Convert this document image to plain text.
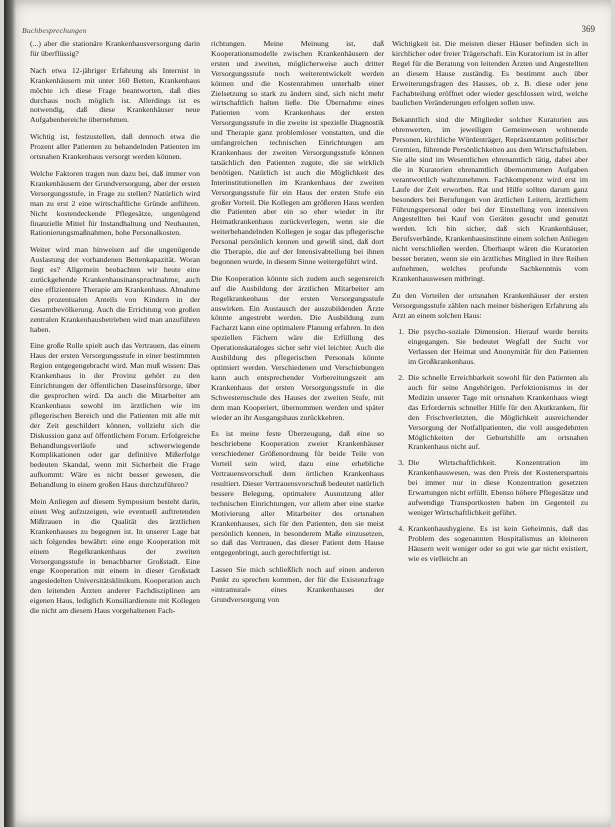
Buchbesprechungen	369

(...) aber die stationäre Krankenhausversorgung darin für überflüssig?

Nach etwa 12-jähriger Erfahrung als Internist in Krankenhäusern mit unter 160 Betten, Krankenhaus möchte ich diese Frage beantworten, daß dies durchaus noch möglich ist. Allerdings ist es notwendig, daß diese Krankenhäuser neue Aufgabenbereiche übernehmen.

Wichtig ist, festzustellen, daß dennoch etwa die Prozent aller Patienten zu behandelnden Patienten im ortsnahen Krankenhaus versorgt werden können.

Welche Faktoren tragen nun dazu bei, daß immer von Krankenhäusern der Grundversorgung, aber der ersten Versorgungsstufe, in Frage zu stellen? Natürlich wird man zu erst 2 eine wirtschaftliche Gründe anführen. Nicht kostendeckende Pflegesätze, ungenügend finanzielle Mittel für Instandhaltung und Neubauten, Rationierungsmaßnahmen, hohe Personalkosten.

Weiter wird man hinweisen auf die ungenügende Auslastung der vorhandenen Bettenkapazität. Woran liegt es? Allgemein beobachten wir heute eine zurückgehende Krankenhausinanspruchnahme, auch eine effizientere Therapie am Krankenhaus. Abnahme des prozentualen Anteils von Kindern in der Gesamtbevölkerung. Auch die Errichtung von großen zentralen Krankenhausbetrieben wird man anzuführen haben.

Eine große Rolle spielt auch das Vertrauen, das einem Haus der ersten Versorgungsstufe in einer bestimmten Region entgegengebracht wird. Man muß wissen: Das Krankenhaus in der Provinz gehört zu den Einrichtungen der öffentlichen Daseinsfürsorge, über die gesprochen wird. Da auch die Mitarbeiter am Krankenhaus sowohl im ärztlichen wie im pflegerischen Bereich und die Patienten mit alle mit der Zeit geschildert können, vollzieht sich die Diskussion ganz auf öffentlichem Forum. Erfolgreiche Behandlungsverläufe und schwerwiegende Komplikationen oder gar definitive Mißerfolge bedeuten Skandal, wenn mit Sicherheit die Frage aufkommt: Wäre es nicht besser gewesen, die Behandlung in einem großen Haus durchzuführen?

Mein Anliegen auf diesem Symposium besteht darin, einen Weg aufzuzeigen, wie eventuell auftretenden Mißtrauen in die Qualität des ärztlichen Krankenhauses zu begegnen ist. In unserer Lage hat sich folgendes bewährt: eine enge Kooperation mit einem Regelkrankenhaus der zweiten Versorgungsstufe in benachbarter Großstadt. Eine enge Kooperation mit einem in dieser Großstadt angesiedelten Universitätsklinikum. Kooperation auch den leitenden Ärzten anderer Fachdisziplinen am eigenen Haus, lediglich Konsiliardienste mit Kollegen die nicht am diesem Haus vorgehaltenen Fach-

richtungen. Meine Meinung ist, daß Kooperationsmodelle zwischen Krankenhäusern der ersten und zweiten, möglicherweise auch dritter Versorgungsstufe noch weiterentwickelt werden können und die Kostenrahmen unterhalb einer Zielsetzung so stark zu ändern sind, sich nicht mehr wirtschaftlich halten ließe. Die Übernahme eines Patienten vom Krankenhaus der ersten Versorgungsstufe in die zweite ist spezielle Diagnostik und Therapie ganz problemloser vonstatten, und die umfangreichen technischen Einrichtungen am Krankenhaus der zweiten Versorgungsstufe können tatsächlich den Patienten zugute, die sie wirklich benötigen. Natürlich ist auch die Möglichkeit des Interinstitutionellen im Krankenhaus der zweiten Versorgungsstufe für ein Haus der ersten Stufe ein großer Vorteil. Die Kollegen am größeren Haus werden die Patienten aber ein so eher wieder in ihr Heimatkrankenhaus zurückverlegen, wenn sie die weiterbehandelnden Kollegen je sogar das pflegerische Personal persönlich kennen und gewiß sind, daß dort die Therapie, die auf der Intensivabteilung bei ihnen begonnen wurde, in diesem Sinne weitergeführt wird.

Die Kooperation könnte sich zudem auch segensreich auf die Ausbildung der ärztlichen Mitarbeiter am Regelkrankenhaus der ersten Versorgungsstufe auswirken. Ein Austausch der auszubildenden Ärzte könnte angestrebt werden. Die Ausbildung zum Facharzt kann eine optimalere Planung erfahren. In den speziellen Fächern wäre die Erfüllung des Operationskataloges sicher sehr viel leichter. Auch die Ausbildung des pflegerischen Personals könnte optimiert werden. Verschiedenen und Verschiebungen kann auch entsprechender Vorbereitungszeit am Krankenhaus der ersten Versorgungsstufe in die Schwesternschule des Hauses der zweiten Stufe, mit dem man Kooperiert, übernommen werden und später wieder an ihr Ausgangshaus zurückkehren.

Es ist meine feste Überzeugung, daß eine so beschriebene Kooperation zweier Krankenhäuser verschiedener Größenordnung für beide Teile von Vorteil sein wird, dazu eine erhebliche Vertrauensvorschuß dem örtlichen Krankenhaus resultiert. Dieser Vertrauensvorschuß bedeutet natürlich bessere Belegung, optimalere Ausnutzung aller technischen Einrichtungen, vor allem aber eine starke Motivierung aller Mitarbeiter des ortsnahen Krankenhauses, sich für den Patienten, den sie meist persönlich kennen, in besonderem Maße einzusetzen, so daß das Vertrauen, das dieser Patient dem Hause entgegenbringt, auch gerechtfertigt ist.

Lassen Sie mich schließlich noch auf einen anderen Punkt zu sprechen kommen, der für die Existenzfrage »intramural« eines Krankenhauses der Grundversorgung von

Wichtigkeit ist. Die meisten dieser Häuser befinden sich in kirchlicher oder freier Trägerschaft. Ein Kuratorium ist in aller Regel für die Beratung von leitenden Ärzten und Angestellten an diesem Hause zuständig. Es bestimmt auch über Erweiterungsfragen des Hauses, ob z. B. diese oder jene Fachabteilung eröffnet oder wieder geschlossen wird, welche baulichen Veränderungen erfolgen sollen usw.

Bekanntlich sind die Mitglieder solcher Kuratorien aus ehrenwerten, im jeweiligen Gemeinwesen wohnende Personen, kirchliche Würdenträger, Repräsentanten politischer Gremien, führende Persönlichkeiten aus dem Wirtschaftsleben. Sie alle sind im Wesentlichen ehrenamtlich tätig, dabei aber die in Kuratorien ehrenamtlich übernommenen Aufgaben verantwortlich wahrzunehmen. Fachkompetenz wird erst im Laufe der Zeit erworben. Rat und Hilfe sollten darum ganz besonders bei Berufungen von ärztlichen Leitern, ärztlichem Führungspersonal oder bei der Einstellung von intensiven Angestellten bei Kauf von Geräten gesucht und genutzt werden. Ich bin sicher, daß sich Krankenhäuser, Berufsverbände, Krankenhausinstitute einem solchen Anliegen nicht verschließen werden. Überhaupt wären die Kuratorien besser beraten, wenn sie ein ärztliches Mitglied in ihre Reihen aufnehmen, welches profunde Sachkenntnis vom Krankenhauswesen mitbringt.

Zu den Vorteilen der ortsnahen Krankenhäuser der ersten Versorgungsstufe zählen nach meiner bisherigen Erfahrung als Arzt an einem solchen Haus:

1. Die psycho-soziale Dimension. Hierauf wurde bereits eingegangen. Sie bedeutet Wegfall der Sucht vor Verlassen der Heimat und Anonymität für den Patienten im Großkrankenhaus.
2. Die schnelle Erreichbarkeit sowohl für den Patienten als auch für seine Angehörigen. Perfektionismus in der Medizin unserer Tage mit ortsnahen Krankenhaus wiegt das Erfordernis schneller Hilfe für den Akutkranken, für den Frischverletzten, die Möglichkeit ausreichender Versorgung der Notfallpatienten, die voll ausgedehnten Möglichkeiten der Geburtshilfe am ortsnahen Krankenhaus nicht auf.
3. Die Wirtschaftlichkeit. Konzentration im Krankenhauswesen, was den Preis der Kostenerspartnis bei immer nur in diese Konzentration gesetzten Erwartungen nicht erfüllt. Ebenso höhere Pflegesätze und aufwendige Transportkosten haben im Gegenteil zu weniger Wirtschaftlichkeit geführt.
4. Krankenhaushygiene. Es ist kein Geheimnis, daß das Problem des sogenannten Hospitalismus an kleineren Häusern weit weniger oder so gut wie gar nicht existiert, wie es vielleicht an
